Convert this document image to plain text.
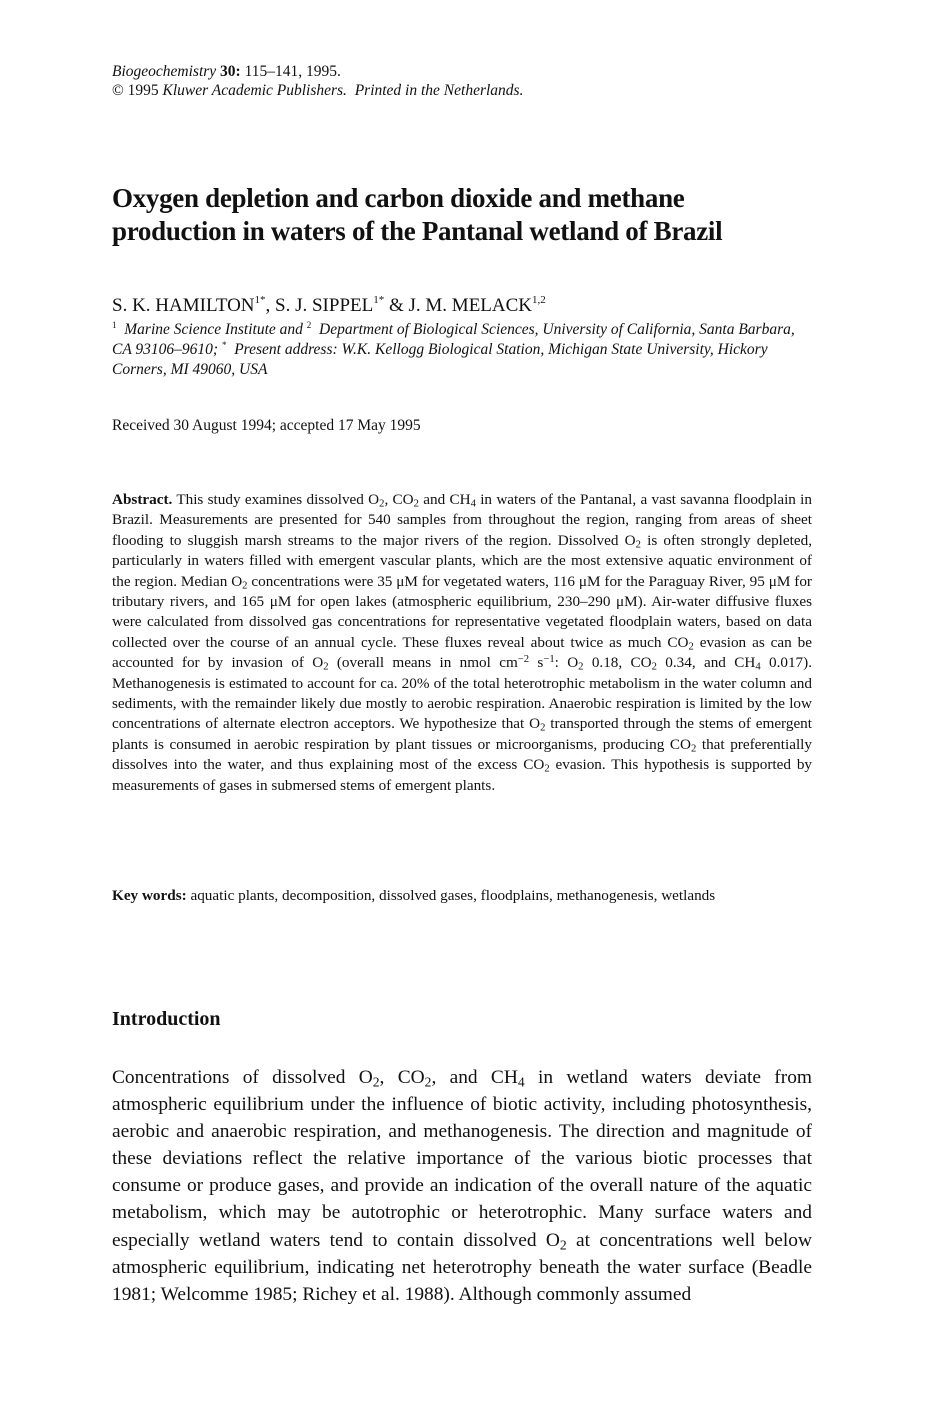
Biogeochemistry 30: 115–141, 1995.
© 1995 Kluwer Academic Publishers. Printed in the Netherlands.
Oxygen depletion and carbon dioxide and methane
production in waters of the Pantanal wetland of Brazil
S. K. $HAMILTON^{1*}$, S. J. $SIPPEL^{1*}$ & J. M. MELACK$^{1,2}$
$^1$ Marine Science Institute and $^2$ Department of Biological Sciences, University of California, Santa Barbara, CA 93106–9610; * Present address: W.K. Kellogg Biological Station, Michigan State University, Hickory Corners, MI 49060, USA
Received 30 August 1994; accepted 17 May 1995
Abstract. This study examines dissolved $O_2$, $CO_2$ and $CH_4$ in waters of the Pantanal, a vast savanna floodplain in Brazil. Measurements are presented for 540 samples from throughout the region, ranging from areas of sheet flooding to sluggish marsh streams to the major rivers of the region. Dissolved $O_2$ is often strongly depleted, particularly in waters filled with emergent vascular plants, which are the most extensive aquatic environment of the region. Median $O_2$ concentrations were 35 μM for vegetated waters, 116 μM for the Paraguay River, 95 μM for tributary rivers, and 165 μM for open lakes (atmospheric equilibrium, 230–290 μM). Air-water diffusive fluxes were calculated from dissolved gas concentrations for representative vegetated floodplain waters, based on data collected over the course of an annual cycle. These fluxes reveal about twice as much $CO_2$ evasion as can be accounted for by invasion of $O_2$ (overall means in nmol $cm^{-2}$ $s^{-1}$: $O_2$ 0.18, $CO_2$ 0.34, and $CH_4$ 0.017). Methanogenesis is estimated to account for ca. 20% of the total heterotrophic metabolism in the water column and sediments, with the remainder likely due mostly to aerobic respiration. Anaerobic respiration is limited by the low concentrations of alternate electron acceptors. We hypothesize that $O_2$ transported through the stems of emergent plants is consumed in aerobic respiration by plant tissues or microorganisms, producing $CO_2$ that preferentially dissolves into the water, and thus explaining most of the excess $CO_2$ evasion. This hypothesis is supported by measurements of gases in submersed stems of emergent plants.
Key words: aquatic plants, decomposition, dissolved gases, floodplains, methanogenesis, wetlands
Introduction
Concentrations of dissolved $O_2$, $CO_2$, and $CH_4$ in wetland waters deviate from atmospheric equilibrium under the influence of biotic activity, including photosynthesis, aerobic and anaerobic respiration, and methanogenesis. The direction and magnitude of these deviations reflect the relative importance of the various biotic processes that consume or produce gases, and provide an indication of the overall nature of the aquatic metabolism, which may be autotrophic or heterotrophic. Many surface waters and especially wetland waters tend to contain dissolved $O_2$ at concentrations well below atmospheric equilibrium, indicating net heterotrophy beneath the water surface (Beadle 1981; Welcomme 1985; Richey et al. 1988). Although commonly assumed
